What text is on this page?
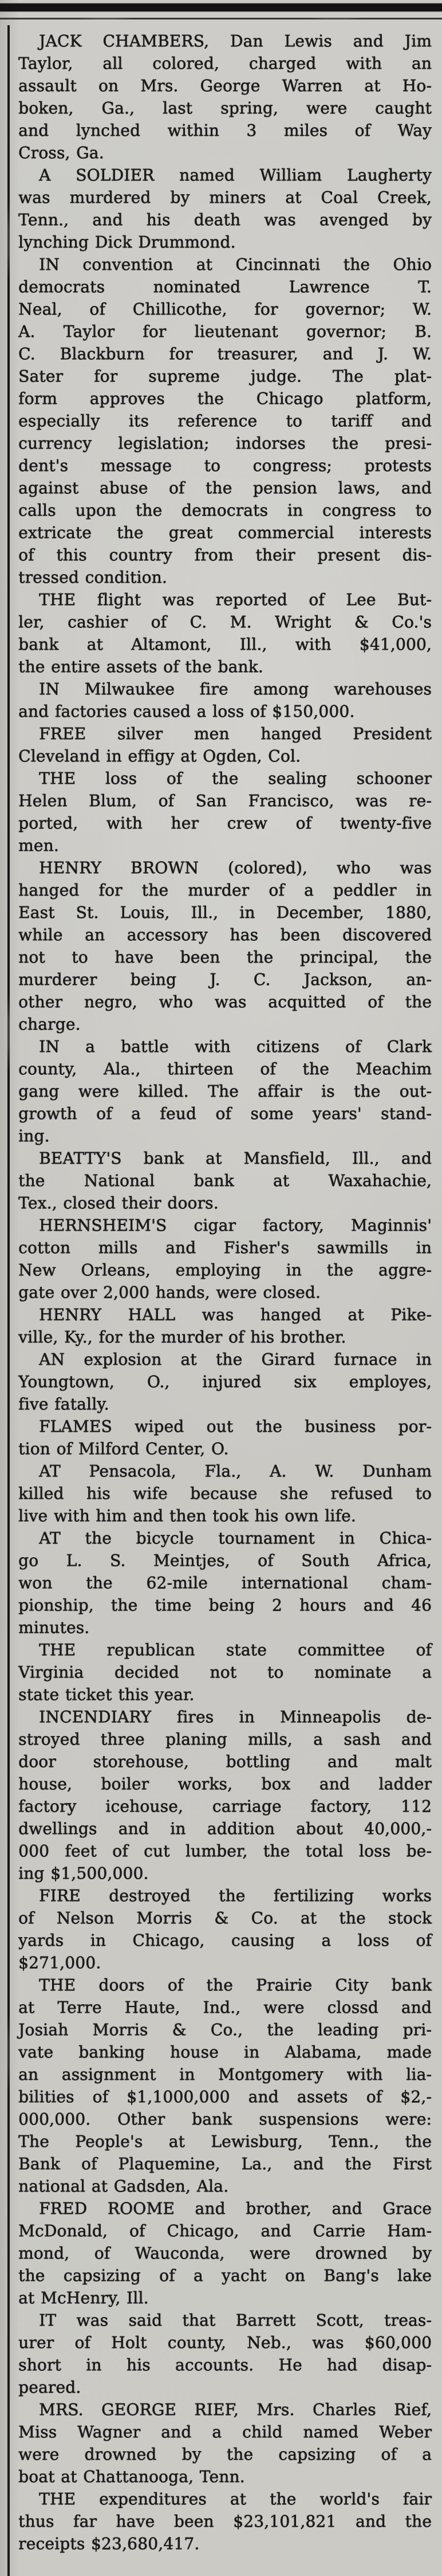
JACK CHAMBERS, Dan Lewis and Jim
Taylor, all colored, charged with an
assault on Mrs. George Warren at Ho-
boken, Ga., last spring, were caught
and lynched within 3 miles of Way
Cross, Ga.
A SOLDIER named William Laugherty
was murdered by miners at Coal Creek,
Tenn., and his death was avenged by
lynching Dick Drummond.
IN convention at Cincinnati the Ohio
democrats nominated Lawrence T.
Neal, of Chillicothe, for governor; W.
A. Taylor for lieutenant governor; B.
C. Blackburn for treasurer, and J. W.
Sater for supreme judge. The plat-
form approves the Chicago platform,
especially its reference to tariff and
currency legislation; indorses the presi-
dent's message to congress; protests
against abuse of the pension laws, and
calls upon the democrats in congress to
extricate the great commercial interests
of this country from their present dis-
tressed condition.
THE flight was reported of Lee But-
ler, cashier of C. M. Wright & Co.'s
bank at Altamont, Ill., with $41,000,
the entire assets of the bank.
IN Milwaukee fire among warehouses
and factories caused a loss of $150,000.
FREE silver men hanged President
Cleveland in effigy at Ogden, Col.
THE loss of the sealing schooner
Helen Blum, of San Francisco, was re-
ported, with her crew of twenty-five
men.
HENRY BROWN (colored), who was
hanged for the murder of a peddler in
East St. Louis, Ill., in December, 1880,
while an accessory has been discovered
not to have been the principal, the
murderer being J. C. Jackson, an-
other negro, who was acquitted of the
charge.
IN a battle with citizens of Clark
county, Ala., thirteen of the Meachim
gang were killed. The affair is the out-
growth of a feud of some years' stand-
ing.
BEATTY'S bank at Mansfield, Ill., and
the National bank at Waxahachie,
Tex., closed their doors.
HERNSHEIM'S cigar factory, Maginnis'
cotton mills and Fisher's sawmills in
New Orleans, employing in the aggre-
gate over 2,000 hands, were closed.
HENRY HALL was hanged at Pike-
ville, Ky., for the murder of his brother.
AN explosion at the Girard furnace in
Youngtown, O., injured six employes,
five fatally.
FLAMES wiped out the business por-
tion of Milford Center, O.
AT Pensacola, Fla., A. W. Dunham
killed his wife because she refused to
live with him and then took his own life.
AT the bicycle tournament in Chica-
go L. S. Meintjes, of South Africa,
won the 62-mile international cham-
pionship, the time being 2 hours and 46
minutes.
THE republican state committee of
Virginia decided not to nominate a
state ticket this year.
INCENDIARY fires in Minneapolis de-
stroyed three planing mills, a sash and
door storehouse, bottling and malt
house, boiler works, box and ladder
factory icehouse, carriage factory, 112
dwellings and in addition about 40,000,-
000 feet of cut lumber, the total loss be-
ing $1,500,000.
FIRE destroyed the fertilizing works
of Nelson Morris & Co. at the stock
yards in Chicago, causing a loss of
$271,000.
THE doors of the Prairie City bank
at Terre Haute, Ind., were clossd and
Josiah Morris & Co., the leading pri-
vate banking house in Alabama, made
an assignment in Montgomery with lia-
bilities of $1,1000,000 and assets of $2,-
000,000. Other bank suspensions were:
The People's at Lewisburg, Tenn., the
Bank of Plaquemine, La., and the First
national at Gadsden, Ala.
FRED ROOME and brother, and Grace
McDonald, of Chicago, and Carrie Ham-
mond, of Wauconda, were drowned by
the capsizing of a yacht on Bang's lake
at McHenry, Ill.
IT was said that Barrett Scott, treas-
urer of Holt county, Neb., was $60,000
short in his accounts. He had disap-
peared.
MRS. GEORGE RIEF, Mrs. Charles Rief,
Miss Wagner and a child named Weber
were drowned by the capsizing of a
boat at Chattanooga, Tenn.
THE expenditures at the world's fair
thus far have been $23,101,821 and the
receipts $23,680,417.
